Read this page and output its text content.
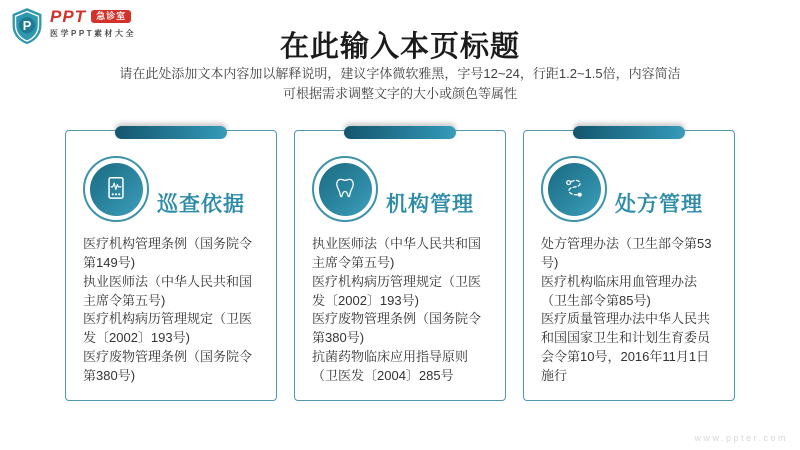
P PPT	急诊室
医学PPT素材大全	在此输入本页标题
请在此处添加文本内容加以解释说明，建议字体微软雅黑，字号12~24，行距1.2~1.5倍，内容简洁
可根据需求调整文字的大小或颜色等属性
巡查依据

医疗机构管理条例（国务院令第149号)

执业医师法（中华人民共和国主席令第五号)

医疗机构病历管理规定（卫医发〔2002〕193号)

医疗废物管理条例（国务院令第380号)

机构管理

执业医师法（中华人民共和国主席令第五号)

医疗机构病历管理规定（卫医发〔2002〕193号)

医疗废物管理条例（国务院令第380号)

抗菌药物临床应用指导原则（卫医发〔2004〕285号

处方管理

处方管理办法（卫生部令第53号)

医疗机构临床用血管理办法（卫生部令第85号)

医疗质量管理办法中华人民共和国国家卫生和计划生育委员会令第10号，2016年11月1日施行

www.ppter.com
